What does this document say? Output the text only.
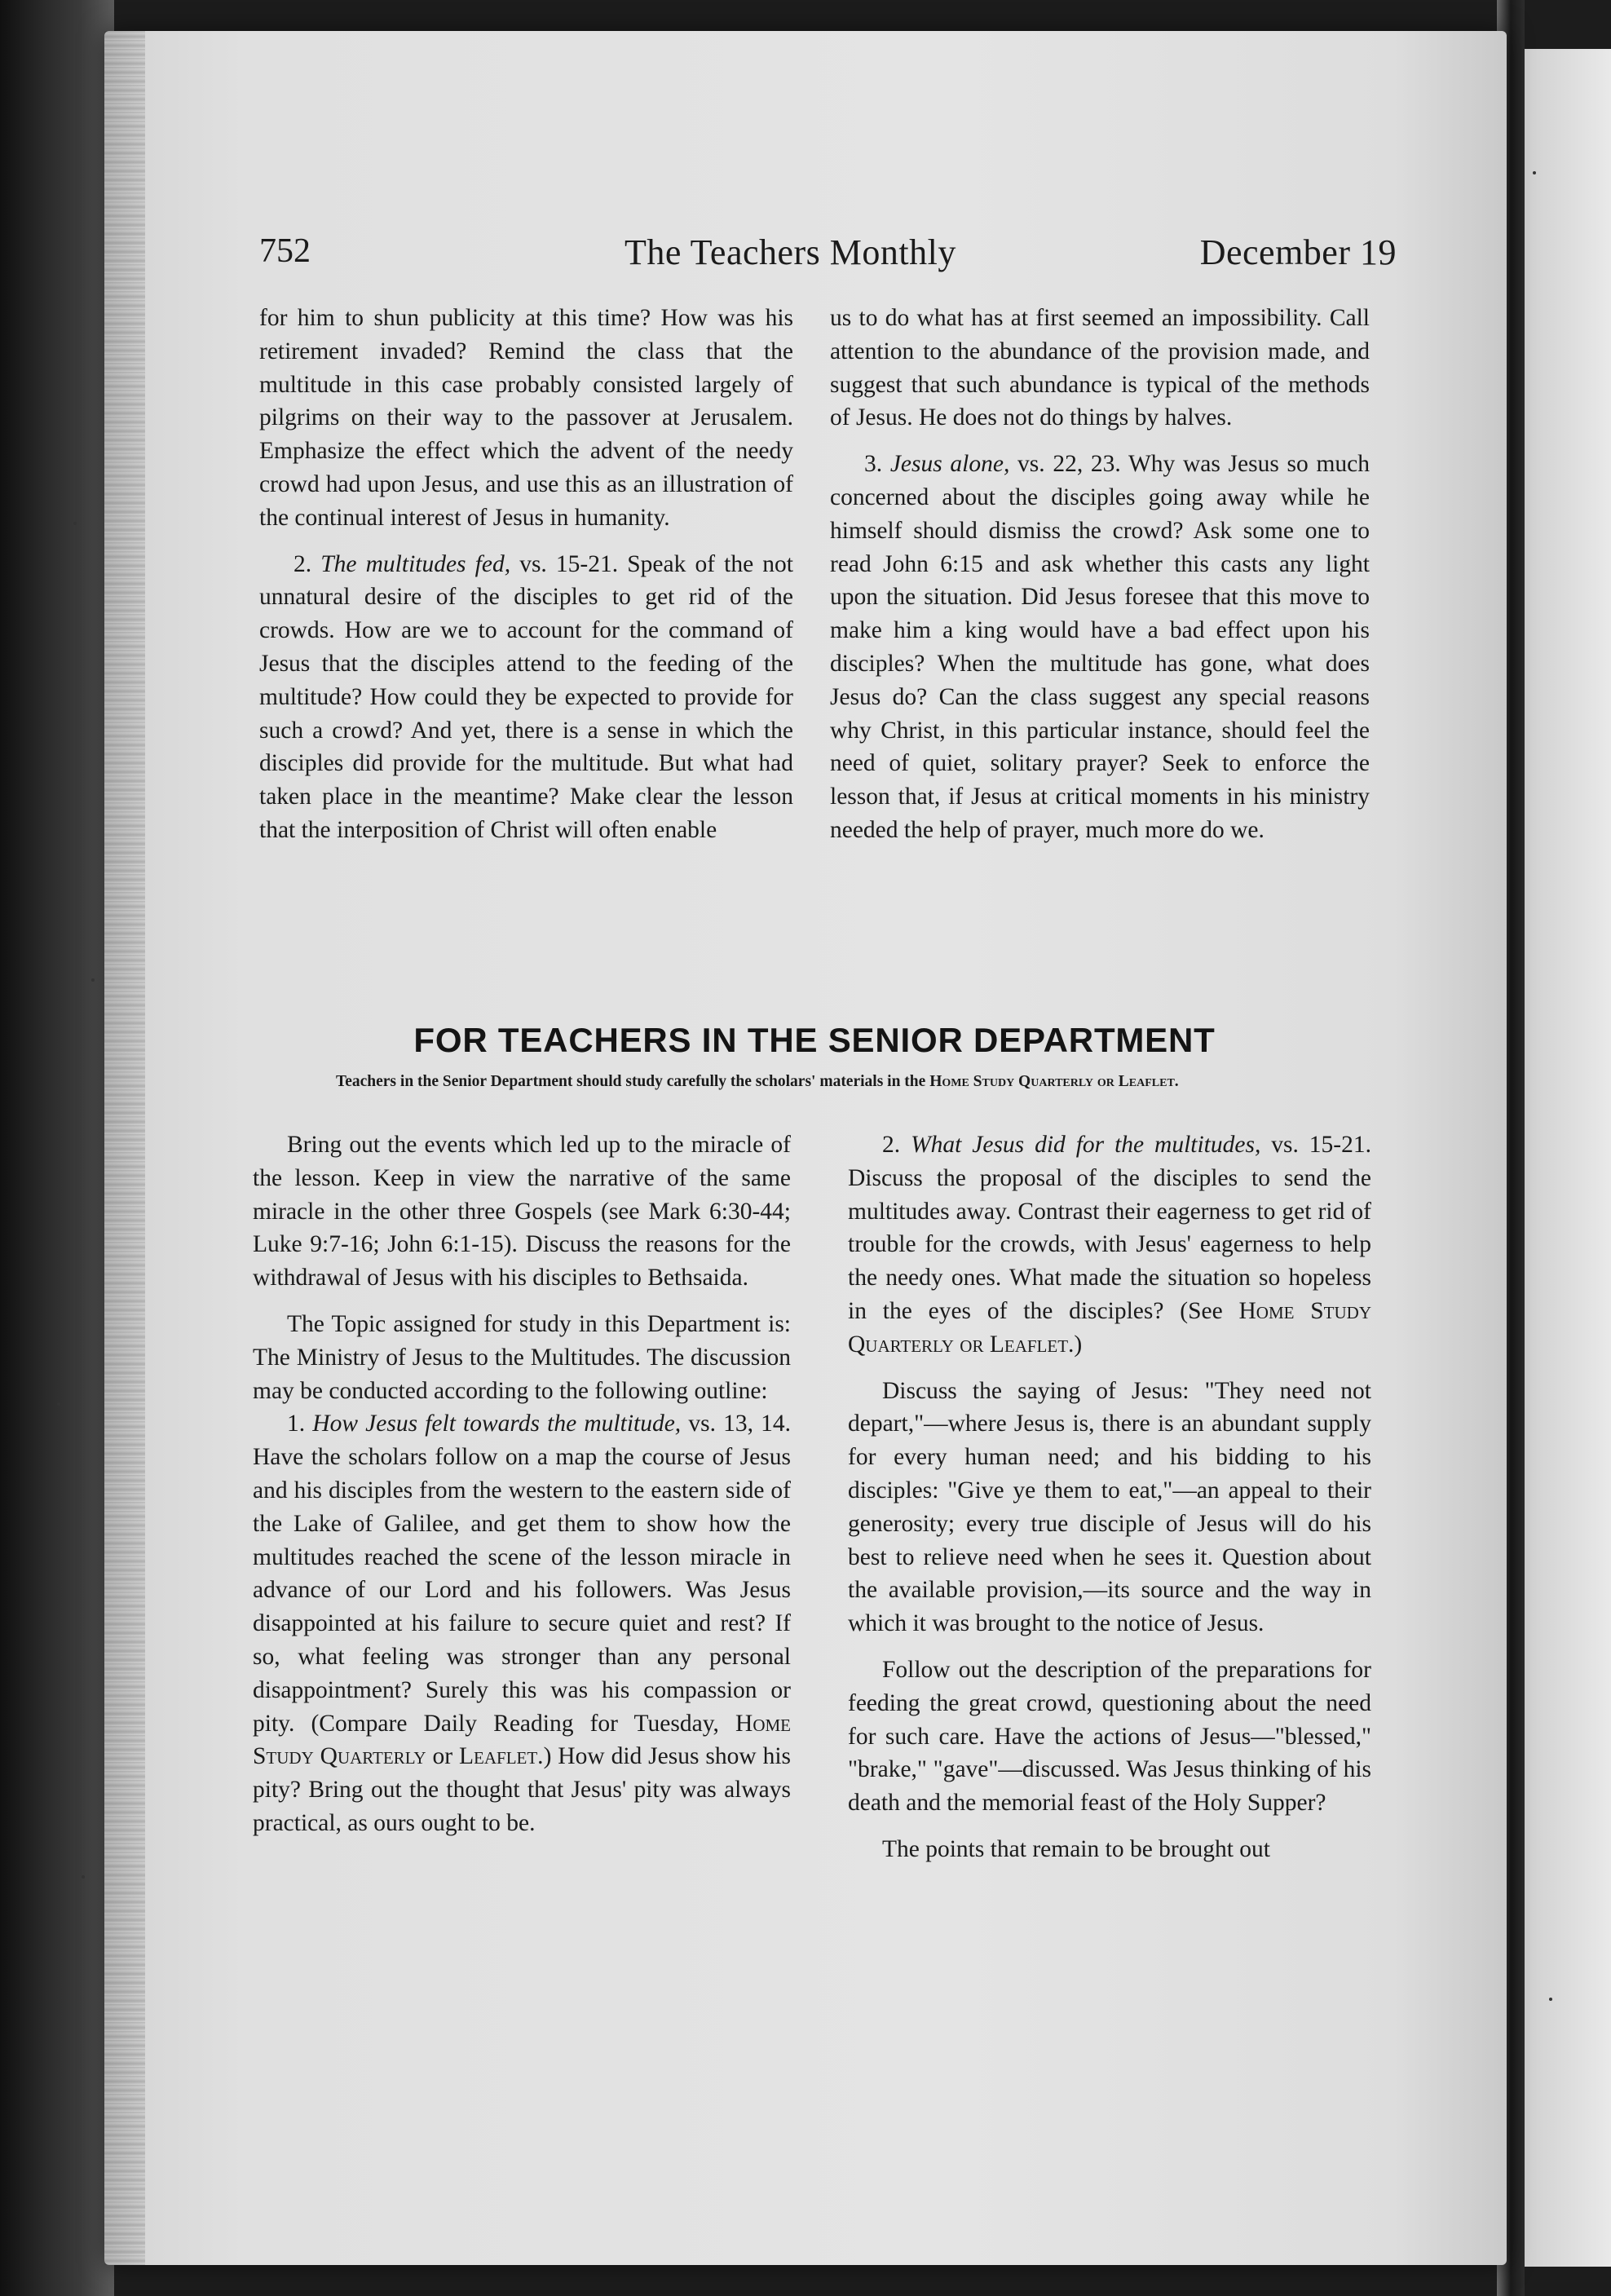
752	The Teachers Monthly	December 19

for him to shun publicity at this time? How was his retirement invaded? Remind the class that the multitude in this case probably consisted largely of pilgrims on their way to the passover at Jerusalem. Emphasize the effect which the advent of the needy crowd had upon Jesus, and use this as an illustration of the continual interest of Jesus in humanity.

2. The multitudes fed, vs. 15-21. Speak of the not unnatural desire of the disciples to get rid of the crowds. How are we to account for the command of Jesus that the disciples attend to the feeding of the multitude? How could they be expected to provide for such a crowd? And yet, there is a sense in which the disciples did provide for the multitude. But what had taken place in the meantime? Make clear the lesson that the interposition of Christ will often enable

us to do what has at first seemed an impossibility. Call attention to the abundance of the provision made, and suggest that such abundance is typical of the methods of Jesus. He does not do things by halves.

3. Jesus alone, vs. 22, 23. Why was Jesus so much concerned about the disciples going away while he himself should dismiss the crowd? Ask some one to read John 6:15 and ask whether this casts any light upon the situation. Did Jesus foresee that this move to make him a king would have a bad effect upon his disciples? When the multitude has gone, what does Jesus do? Can the class suggest any special reasons why Christ, in this particular instance, should feel the need of quiet, solitary prayer? Seek to enforce the lesson that, if Jesus at critical moments in his ministry needed the help of prayer, much more do we.

FOR TEACHERS IN THE SENIOR DEPARTMENT
Teachers in the Senior Department should study carefully the scholars' materials in the Home Study Quarterly or Leaflet.

Bring out the events which led up to the miracle of the lesson. Keep in view the narrative of the same miracle in the other three Gospels (see Mark 6:30-44; Luke 9:7-16; John 6:1-15). Discuss the reasons for the withdrawal of Jesus with his disciples to Bethsaida.

The Topic assigned for study in this Department is: The Ministry of Jesus to the Multitudes. The discussion may be conducted according to the following outline:

1. How Jesus felt towards the multitude, vs. 13, 14. Have the scholars follow on a map the course of Jesus and his disciples from the western to the eastern side of the Lake of Galilee, and get them to show how the multitudes reached the scene of the lesson miracle in advance of our Lord and his followers. Was Jesus disappointed at his failure to secure quiet and rest? If so, what feeling was stronger than any personal disappointment? Surely this was his compassion or pity. (Compare Daily Reading for Tuesday, Home Study Quarterly or Leaflet.) How did Jesus show his pity? Bring out the thought that Jesus' pity was always practical, as ours ought to be.

2. What Jesus did for the multitudes, vs. 15-21. Discuss the proposal of the disciples to send the multitudes away. Contrast their eagerness to get rid of trouble for the crowds, with Jesus' eagerness to help the needy ones. What made the situation so hopeless in the eyes of the disciples? (See Home Study Quarterly or Leaflet.)

Discuss the saying of Jesus: "They need not depart,"—where Jesus is, there is an abundant supply for every human need; and his bidding to his disciples: "Give ye them to eat,"—an appeal to their generosity; every true disciple of Jesus will do his best to relieve need when he sees it. Question about the available provision,—its source and the way in which it was brought to the notice of Jesus.

Follow out the description of the preparations for feeding the great crowd, questioning about the need for such care. Have the actions of Jesus—"blessed," "brake," "gave"—discussed. Was Jesus thinking of his death and the memorial feast of the Holy Supper?

The points that remain to be brought out
